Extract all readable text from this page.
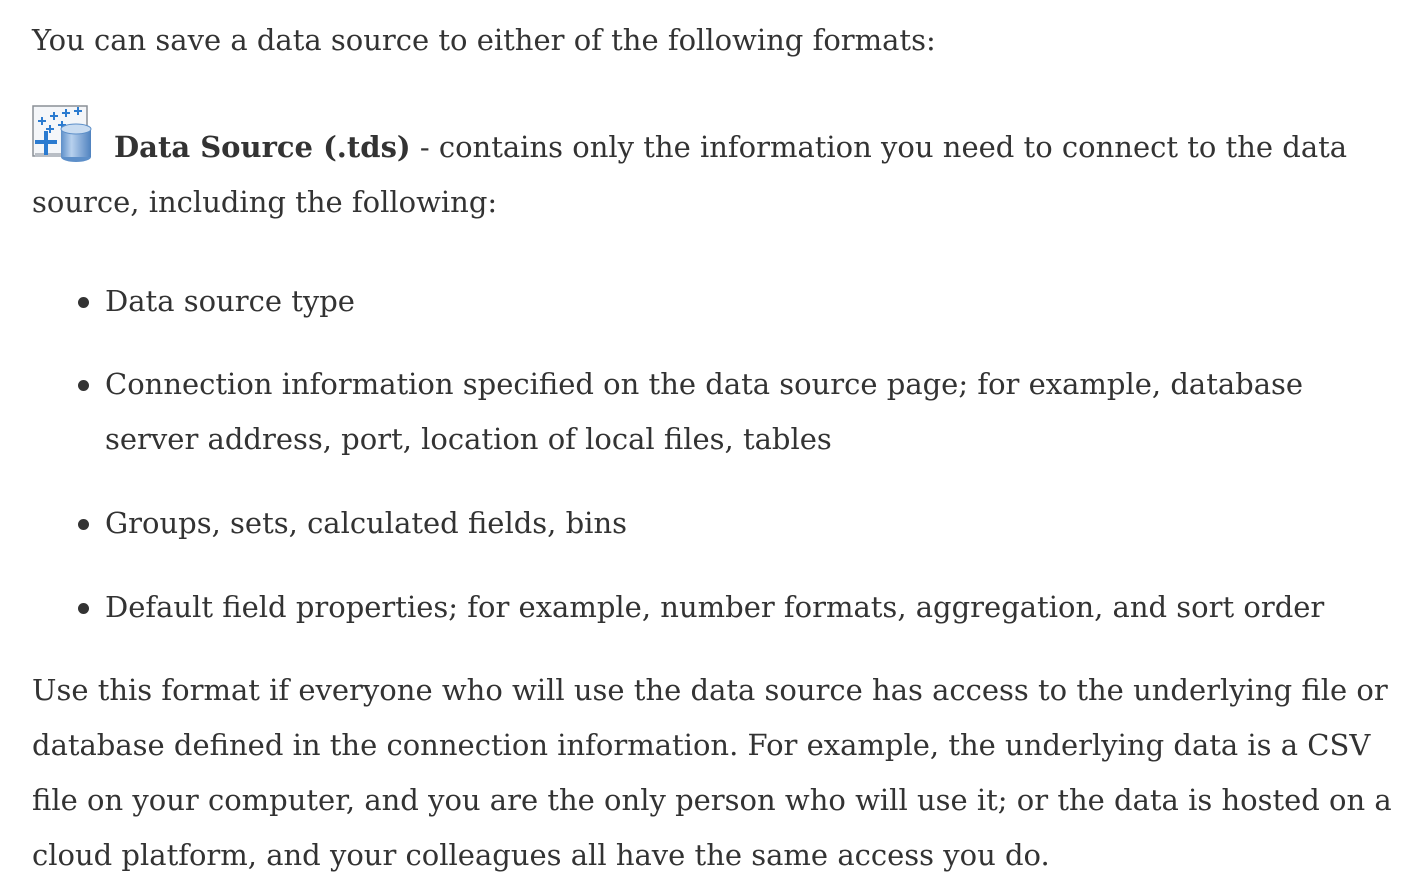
You can save a data source to either of the following formats:

Data Source (.tds) - contains only the information you need to connect to the data source, including the following:

Data source type
Connection information specified on the data source page; for example, database server address, port, location of local files, tables
Groups, sets, calculated fields, bins
Default field properties; for example, number formats, aggregation, and sort order

Use this format if everyone who will use the data source has access to the underlying file or database defined in the connection information. For example, the underlying data is a CSV file on your computer, and you are the only person who will use it; or the data is hosted on a cloud platform, and your colleagues all have the same access you do.
